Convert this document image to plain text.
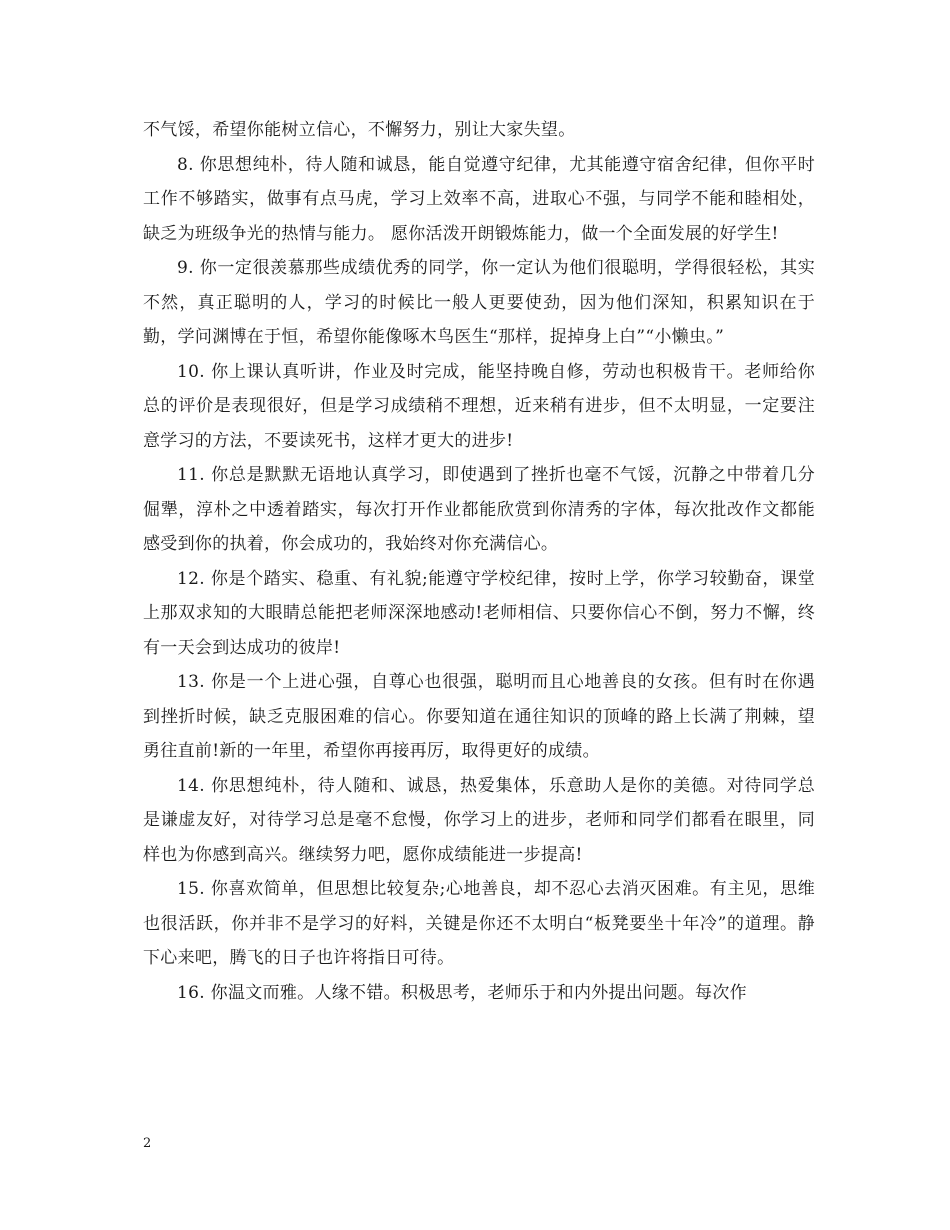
不气馁，希望你能树立信心，不懈努力，别让大家失望。

8. 你思想纯朴，待人随和诚恳，能自觉遵守纪律，尤其能遵守宿舍纪律，但你平时工作不够踏实，做事有点马虎，学习上效率不高，进取心不强，与同学不能和睦相处，缺乏为班级争光的热情与能力。 愿你活泼开朗锻炼能力，做一个全面发展的好学生!

9. 你一定很羡慕那些成绩优秀的同学，你一定认为他们很聪明，学得很轻松，其实不然，真正聪明的人，学习的时候比一般人更要使劲，因为他们深知，积累知识在于勤，学问渊博在于恒，希望你能像啄木鸟医生“那样，捉掉身上白”“小懒虫。”

10. 你上课认真听讲，作业及时完成，能坚持晚自修，劳动也积极肯干。老师给你总的评价是表现很好，但是学习成绩稍不理想，近来稍有进步，但不太明显，一定要注意学习的方法，不要读死书，这样才更大的进步!

11. 你总是默默无语地认真学习，即使遇到了挫折也毫不气馁，沉静之中带着几分倔犟，淳朴之中透着踏实，每次打开作业都能欣赏到你清秀的字体，每次批改作文都能感受到你的执着，你会成功的，我始终对你充满信心。

12. 你是个踏实、稳重、有礼貌;能遵守学校纪律，按时上学，你学习较勤奋，课堂上那双求知的大眼睛总能把老师深深地感动!老师相信、只要你信心不倒，努力不懈，终有一天会到达成功的彼岸!

13. 你是一个上进心强，自尊心也很强，聪明而且心地善良的女孩。但有时在你遇到挫折时候，缺乏克服困难的信心。你要知道在通往知识的顶峰的路上长满了荆棘，望勇往直前!新的一年里，希望你再接再厉，取得更好的成绩。

14. 你思想纯朴，待人随和、诚恳，热爱集体，乐意助人是你的美德。对待同学总是谦虚友好，对待学习总是毫不怠慢，你学习上的进步，老师和同学们都看在眼里，同样也为你感到高兴。继续努力吧，愿你成绩能进一步提高!

15. 你喜欢简单，但思想比较复杂;心地善良，却不忍心去消灭困难。有主见，思维也很活跃，你并非不是学习的好料，关键是你还不太明白“板凳要坐十年冷”的道理。静下心来吧，腾飞的日子也许将指日可待。

16. 你温文而雅。人缘不错。积极思考，老师乐于和内外提出问题。每次作

2
